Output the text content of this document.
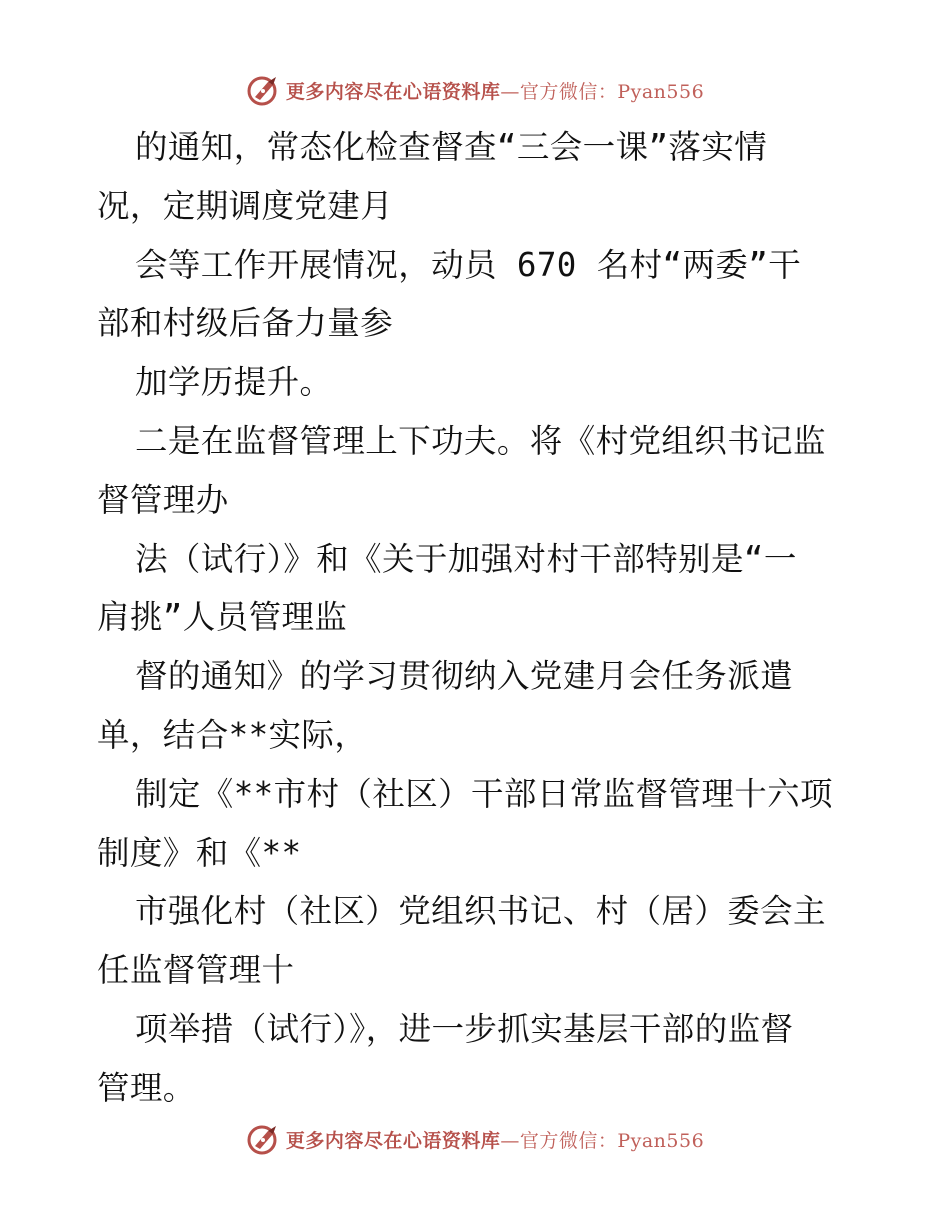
更多内容尽在心语资料库—官方微信：Pyan556
的通知，常态化检查督查“三会一课”落实情
况，定期调度党建月
会等工作开展情况，动员 670 名村“两委”干
部和村级后备力量参
加学历提升。
二是在监督管理上下功夫。将《村党组织书记监
督管理办
法（试行）》和《关于加强对村干部特别是“一
肩挑”人员管理监
督的通知》的学习贯彻纳入党建月会任务派遣
单，结合**实际，
制定《**市村（社区）干部日常监督管理十六项
制度》和《**
市强化村（社区）党组织书记、村（居）委会主
任监督管理十
项举措（试行）》，进一步抓实基层干部的监督
管理。
更多内容尽在心语资料库—官方微信：Pyan556
